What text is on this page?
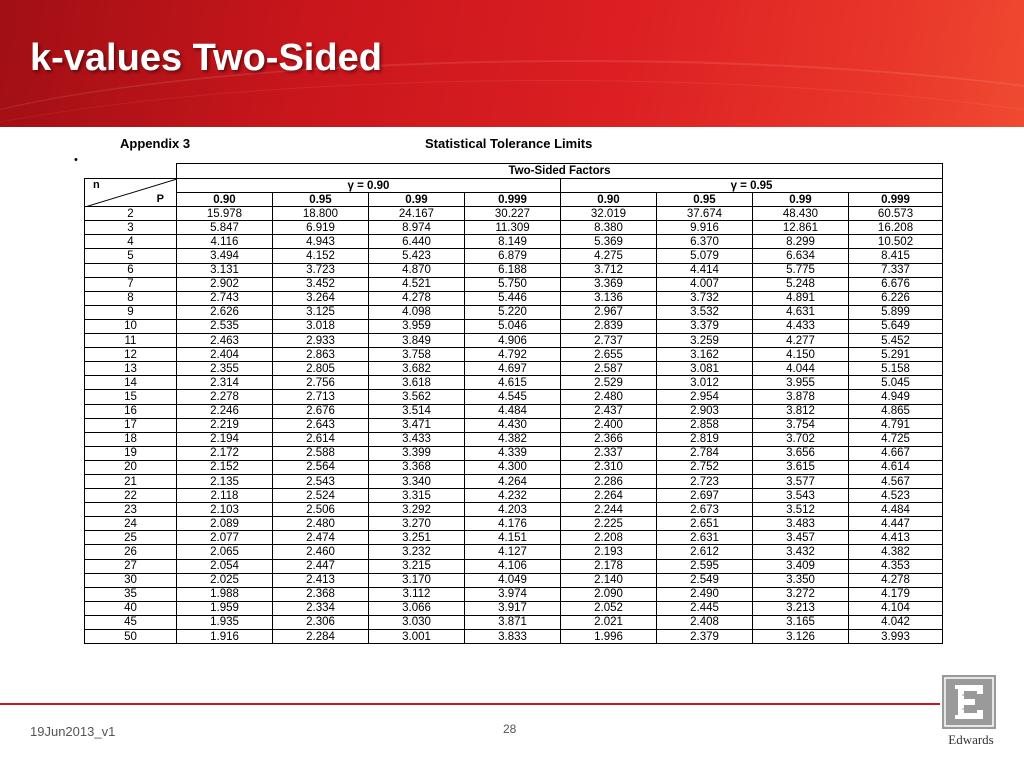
k-values Two-Sided
Appendix 3	Statistical Tolerance Limits
•
	Two-Sided Factors							

n
P	γ = 0.90				γ = 0.95			
	0.90	0.95	0.99	0.999	0.90	0.95	0.99	0.999
2	15.978	18.800	24.167	30.227	32.019	37.674	48.430	60.573
3	5.847	6.919	8.974	11.309	8.380	9.916	12.861	16.208
4	4.116	4.943	6.440	8.149	5.369	6.370	8.299	10.502
5	3.494	4.152	5.423	6.879	4.275	5.079	6.634	8.415
6	3.131	3.723	4.870	6.188	3.712	4.414	5.775	7.337
7	2.902	3.452	4.521	5.750	3.369	4.007	5.248	6.676
8	2.743	3.264	4.278	5.446	3.136	3.732	4.891	6.226
9	2.626	3.125	4.098	5.220	2.967	3.532	4.631	5.899
10	2.535	3.018	3.959	5.046	2.839	3.379	4.433	5.649
11	2.463	2.933	3.849	4.906	2.737	3.259	4.277	5.452
12	2.404	2.863	3.758	4.792	2.655	3.162	4.150	5.291
13	2.355	2.805	3.682	4.697	2.587	3.081	4.044	5.158
14	2.314	2.756	3.618	4.615	2.529	3.012	3.955	5.045
15	2.278	2.713	3.562	4.545	2.480	2.954	3.878	4.949
16	2.246	2.676	3.514	4.484	2.437	2.903	3.812	4.865
17	2.219	2.643	3.471	4.430	2.400	2.858	3.754	4.791
18	2.194	2.614	3.433	4.382	2.366	2.819	3.702	4.725
19	2.172	2.588	3.399	4.339	2.337	2.784	3.656	4.667
20	2.152	2.564	3.368	4.300	2.310	2.752	3.615	4.614
21	2.135	2.543	3.340	4.264	2.286	2.723	3.577	4.567
22	2.118	2.524	3.315	4.232	2.264	2.697	3.543	4.523
23	2.103	2.506	3.292	4.203	2.244	2.673	3.512	4.484
24	2.089	2.480	3.270	4.176	2.225	2.651	3.483	4.447
25	2.077	2.474	3.251	4.151	2.208	2.631	3.457	4.413
26	2.065	2.460	3.232	4.127	2.193	2.612	3.432	4.382
27	2.054	2.447	3.215	4.106	2.178	2.595	3.409	4.353
30	2.025	2.413	3.170	4.049	2.140	2.549	3.350	4.278
35	1.988	2.368	3.112	3.974	2.090	2.490	3.272	4.179
40	1.959	2.334	3.066	3.917	2.052	2.445	3.213	4.104
45	1.935	2.306	3.030	3.871	2.021	2.408	3.165	4.042
50	1.916	2.284	3.001	3.833	1.996	2.379	3.126	3.993
19Jun2013_v1	28
Edwards
